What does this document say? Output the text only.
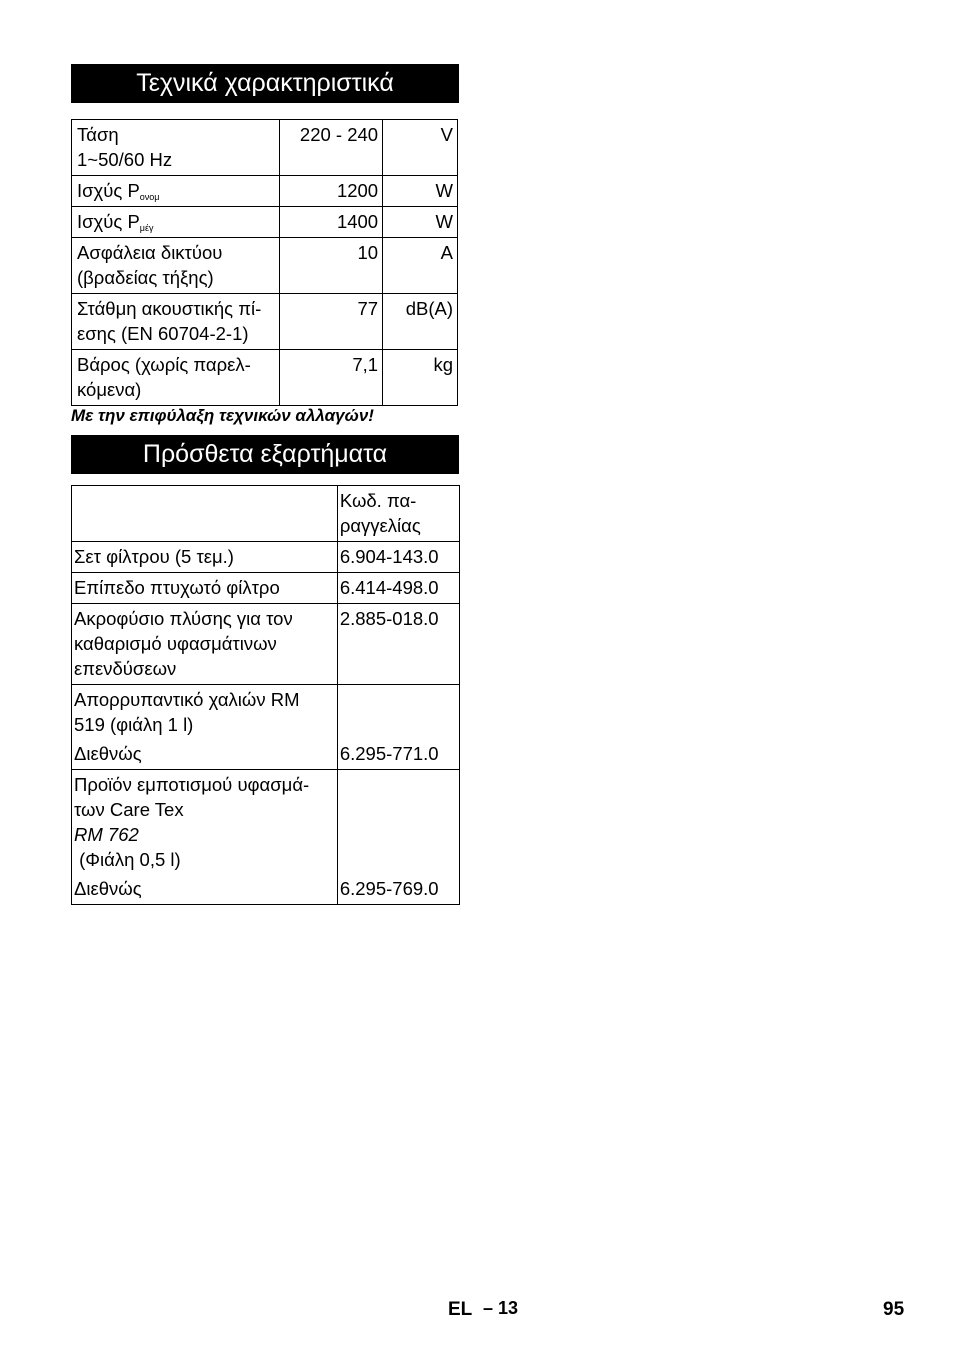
Τεχνικά χαρακτηριστικά
Τάση
1~50/60 Hz	220 - 240	V
Ισχύς $P_{o\nu o\mu}$	1200	W
Ισχύς $P_{\mu έ\gamma}$	1400	W

Ασφάλεια δικτύου
(βραδείας τήξης)	10	A

Στάθμη ακουστικής πί-
εσης (EN 60704-2-1)	77	dB(A)

Βάρος (χωρίς παρελ-
κόμενα)	7,1	kg
Με την επιφύλαξη τεχνικών αλλαγών!
Πρόσθετα εξαρτήματα

	Κωδ. πα-
ραγγελίας

Σετ φίλτρου (5 τεμ.)	6.904-143.0
Επίπεδο πτυχωτό φίλτρο	6.414-498.0

Ακροφύσιο πλύσης για τον
καθαρισμό υφασμάτινων
επενδύσεων	2.885-018.0

Απορρυπαντικό χαλιών RM
519 (φιάλη 1 l)
Διεθνώς	6.295-771.0

Προϊόν εμποτισμού υφασμά-
των Care Tex
RM 762
(Φιάλη 0,5 l)
Διεθνώς	6.295-769.0
EL – 13	95
